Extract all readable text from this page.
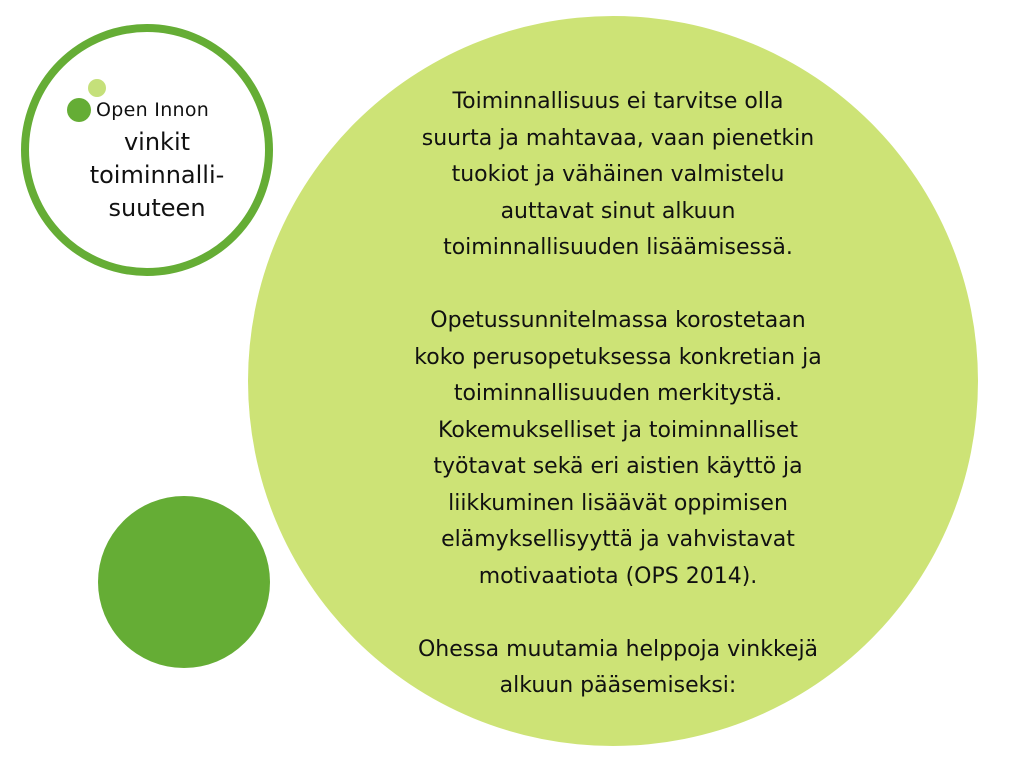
Open Innon
vinkit
toiminnalli-
suuteen

Toiminnallisuus ei tarvitse olla
suurta ja mahtavaa, vaan pienetkin
tuokiot ja vähäinen valmistelu
auttavat sinut alkuun
toiminnallisuuden lisäämisessä.

Opetussunnitelmassa korostetaan
koko perusopetuksessa konkretian ja
toiminnallisuuden merkitystä.
Kokemukselliset ja toiminnalliset
työtavat sekä eri aistien käyttö ja
liikkuminen lisäävät oppimisen
elämyksellisyyttä ja vahvistavat
motivaatiota (OPS 2014).

Ohessa muutamia helppoja vinkkejä
alkuun pääsemiseksi:
